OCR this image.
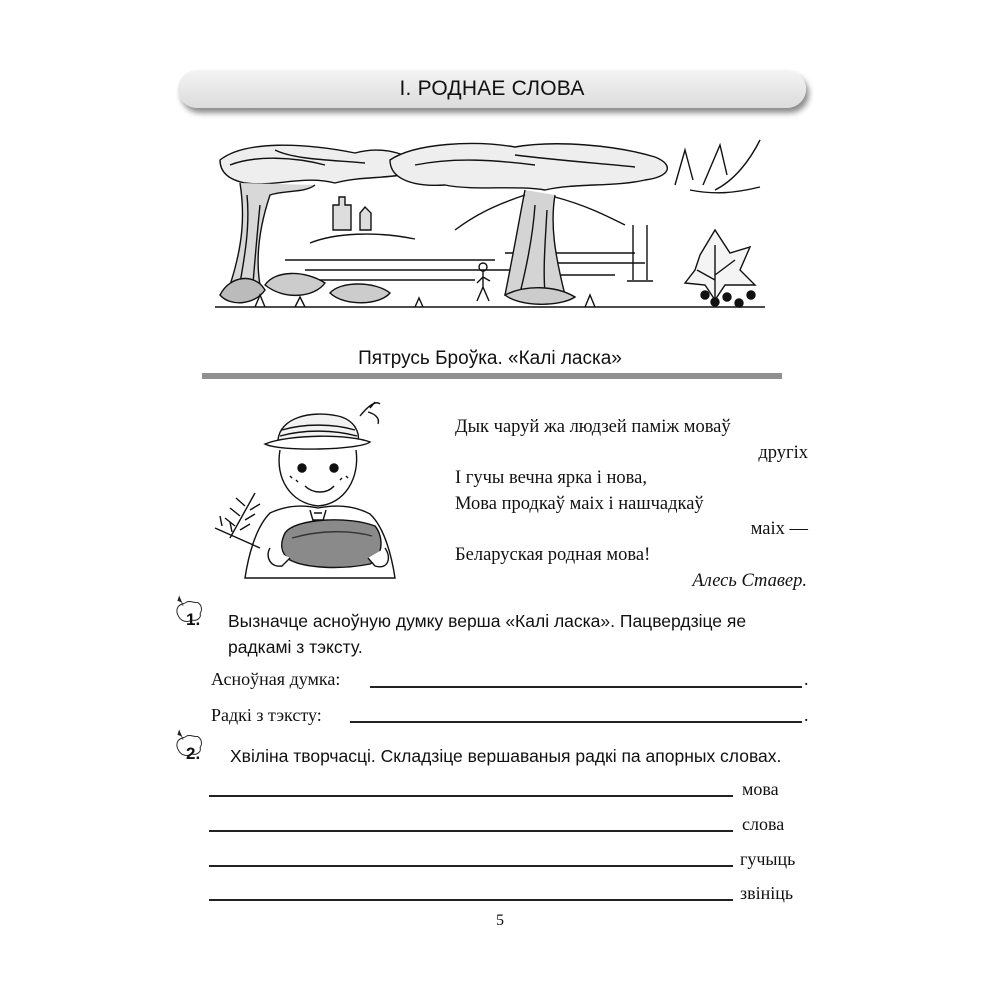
І. РОДНАЕ СЛОВА
Пятрусь Броўка. «Калі ласка»
Дык чаруй жа людзей паміж моваў
другіх
І гучы вечна ярка і нова,
Мова продкаў маіх і нашчадкаў
маіх —
Беларуская родная мова!
Алесь Ставер.
1. Вызначце асноўную думку верша «Калі ласка». Пацвердзіце яе радкамі з тэксту.
Асноўная думка:	.
Радкі з тэксту:	.
2. Хвіліна творчасці. Складзіце вершаваныя радкі па апорных словах.
мова
слова
гучыць
звініць
5
